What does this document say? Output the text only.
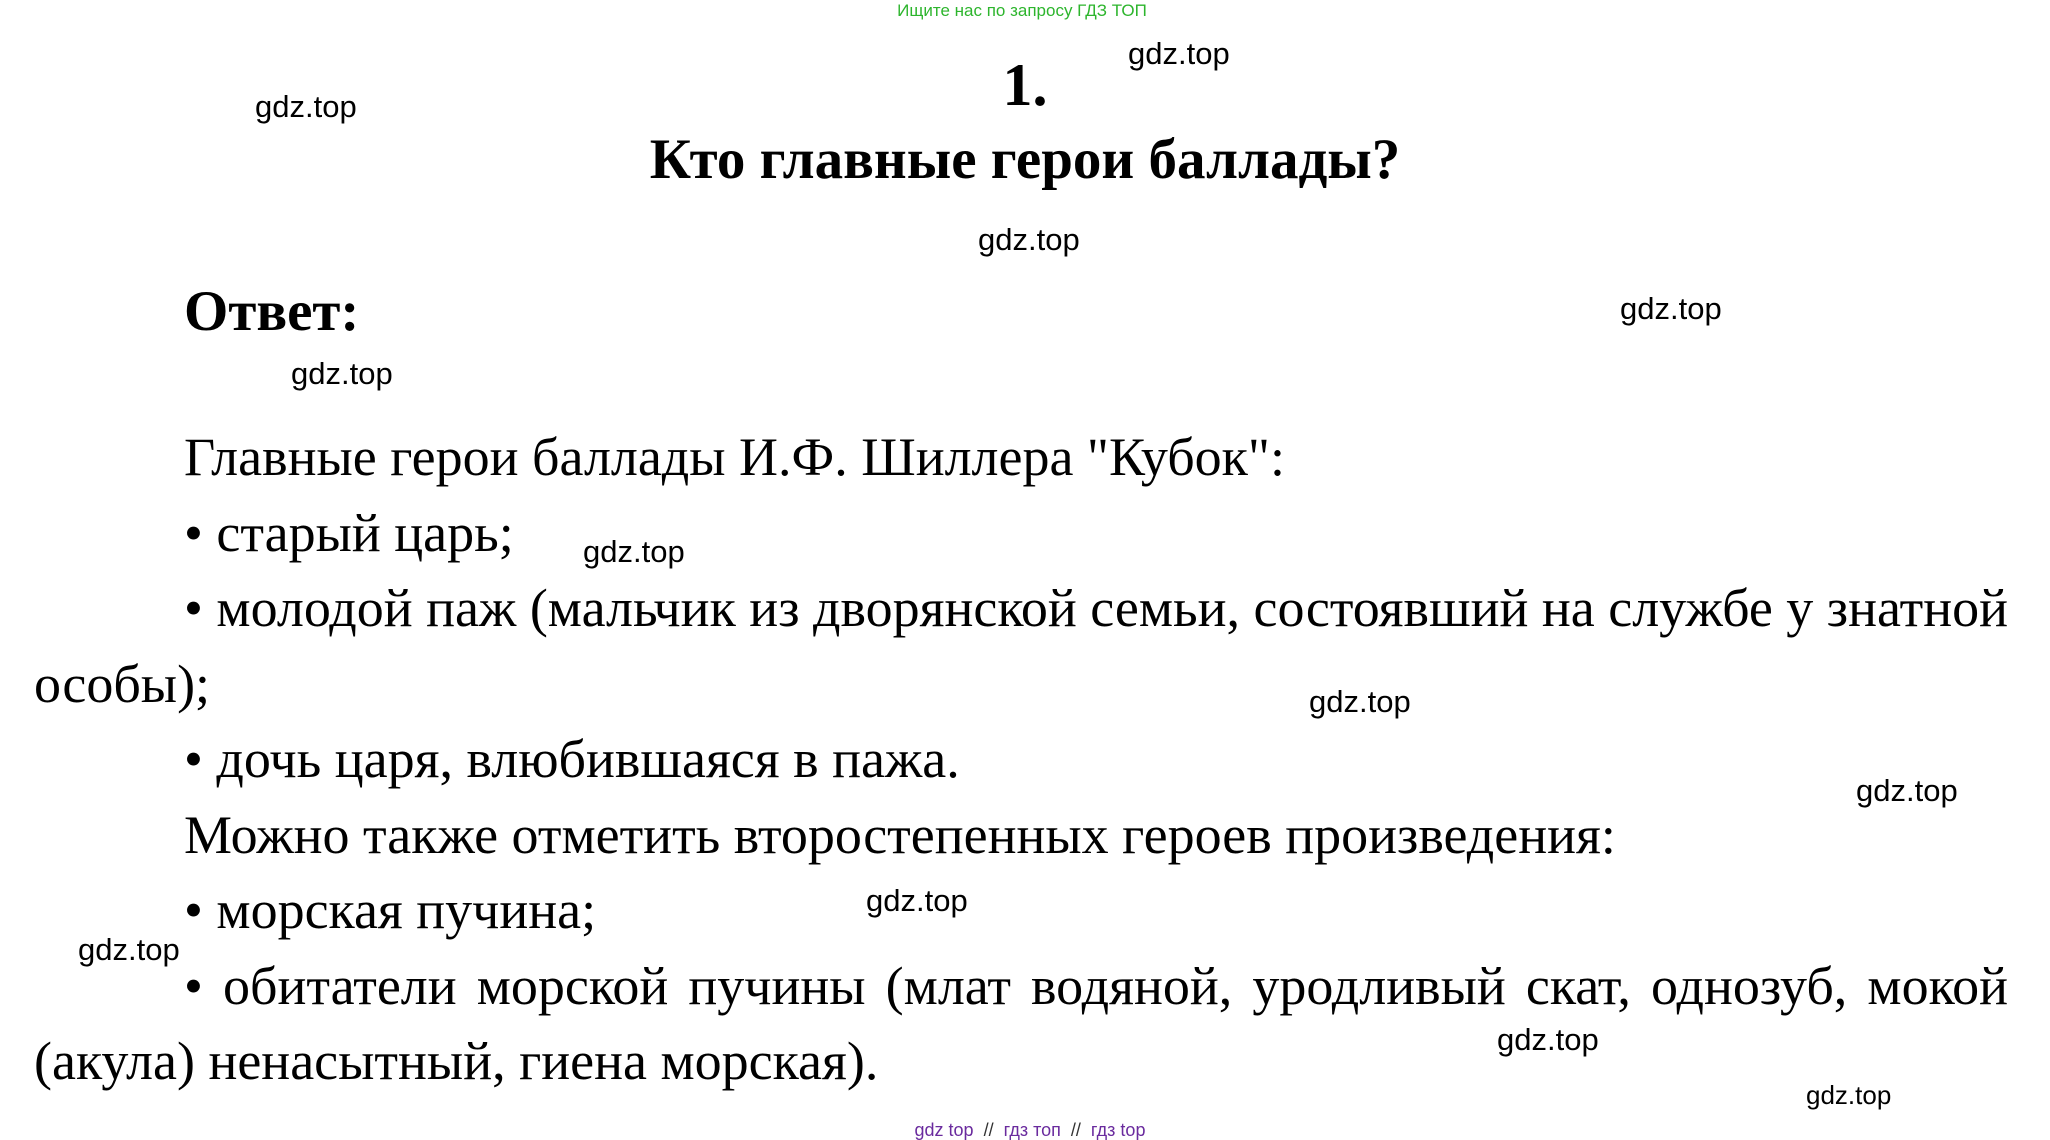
Ищите нас по запросу ГДЗ ТОП
1.
Кто главные герои баллады?
Ответ:

Главные герои баллады И.Ф. Шиллера "Кубок":

• старый царь;

• молодой паж (мальчик из дворянской семьи, состоявший на службе у знатной особы);

• дочь царя, влюбившаяся в пажа.

Можно также отметить второстепенных героев произведения:

• морская пучина;

• обитатели морской пучины (млат водяной, уродливый скат, однозуб, мокой (акула) ненасытный, гиена морская).

gdz.top
gdz.top
gdz.top
gdz.top
gdz.top
gdz.top
gdz.top
gdz.top
gdz.top
gdz.top
gdz.top
gdz.top
gdz top // гдз топ // гдз top
